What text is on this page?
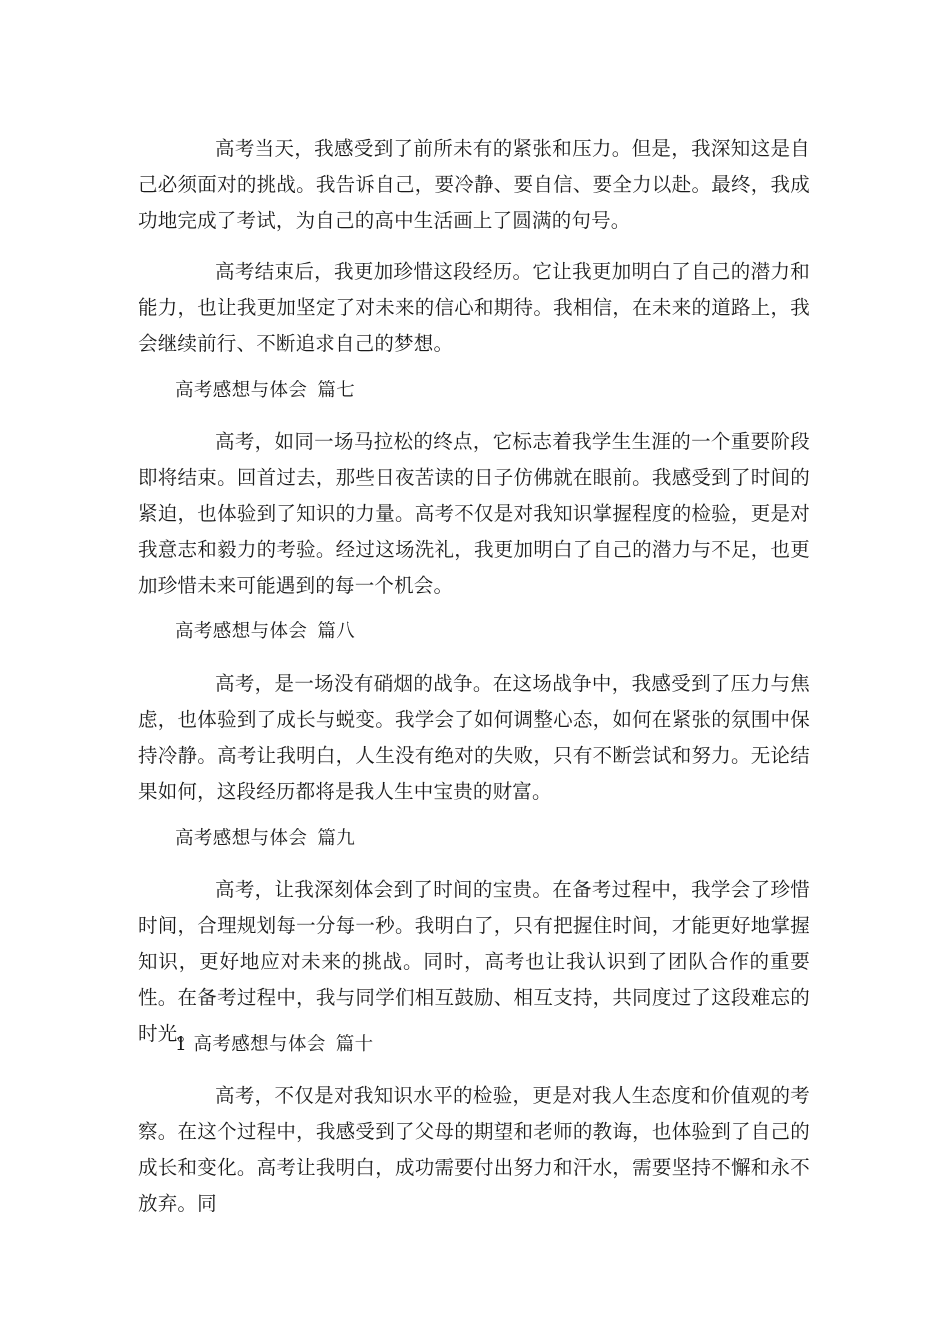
高考当天，我感受到了前所未有的紧张和压力。但是，我深知这是自己必须面对的挑战。我告诉自己，要冷静、要自信、要全力以赴。最终，我成功地完成了考试，为自己的高中生活画上了圆满的句号。

高考结束后，我更加珍惜这段经历。它让我更加明白了自己的潜力和能力，也让我更加坚定了对未来的信心和期待。我相信，在未来的道路上，我会继续前行、不断追求自己的梦想。

高考感想与体会 篇七

高考，如同一场马拉松的终点，它标志着我学生生涯的一个重要阶段即将结束。回首过去，那些日夜苦读的日子仿佛就在眼前。我感受到了时间的紧迫，也体验到了知识的力量。高考不仅是对我知识掌握程度的检验，更是对我意志和毅力的考验。经过这场洗礼，我更加明白了自己的潜力与不足，也更加珍惜未来可能遇到的每一个机会。

高考感想与体会 篇八

高考，是一场没有硝烟的战争。在这场战争中，我感受到了压力与焦虑，也体验到了成长与蜕变。我学会了如何调整心态，如何在紧张的氛围中保持冷静。高考让我明白，人生没有绝对的失败，只有不断尝试和努力。无论结果如何，这段经历都将是我人生中宝贵的财富。

高考感想与体会 篇九

高考，让我深刻体会到了时间的宝贵。在备考过程中，我学会了珍惜时间，合理规划每一分每一秒。我明白了，只有把握住时间，才能更好地掌握知识，更好地应对未来的挑战。同时，高考也让我认识到了团队合作的重要性。在备考过程中，我与同学们相互鼓励、相互支持，共同度过了这段难忘的时光。

1 高考感想与体会 篇十

高考，不仅是对我知识水平的检验，更是对我人生态度和价值观的考察。在这个过程中，我感受到了父母的期望和老师的教诲，也体验到了自己的成长和变化。高考让我明白，成功需要付出努力和汗水，需要坚持不懈和永不放弃。同
